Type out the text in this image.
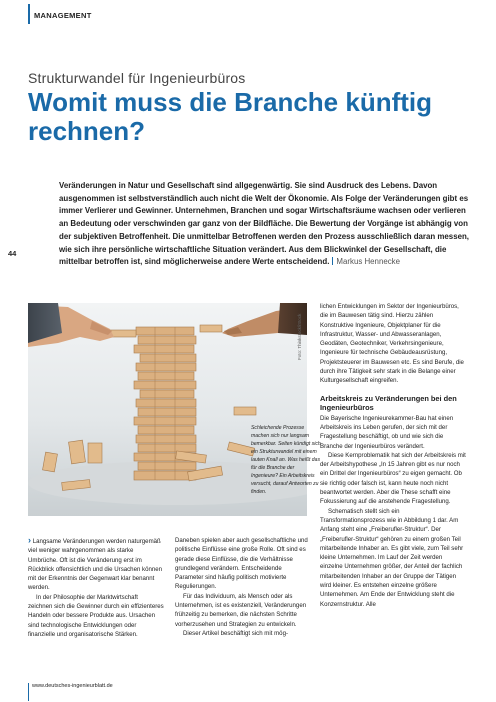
MANAGEMENT
Strukturwandel für Ingenieurbüros
Womit muss die Branche künftig rechnen?

Veränderungen in Natur und Gesellschaft sind allgegenwärtig. Sie sind Ausdruck des Lebens. Davon ausgenommen ist selbstverständlich auch nicht die Welt der Ökonomie. Als Folge der Veränderungen gibt es immer Verlierer und Gewinner. Unternehmen, Branchen und sogar Wirtschaftsräume wachsen oder verlieren an Bedeutung oder verschwinden gar ganz von der Bildfläche. Die Bewertung der Vorgänge ist abhängig von der subjektiven Betroffenheit. Die unmittelbar Betroffenen werden den Prozess ausschließlich daran messen, wie sich ihre persönliche wirtschaftliche Situation verändert. Aus dem Blickwinkel der Gesellschaft, die mittelbar betroffen ist, sind möglicherweise andere Werte entscheidend. Markus Hennecke

44
Foto: Thinkstock/iStock

Schleichende Prozesse machen sich nur langsam bemerkbar. Selten kündigt sich ein Strukturwandel mit einem lauten Knall an. Was heißt das für die Branche der Ingenieure? Ein Arbeitskreis versucht, darauf Antworten zu finden.

› Langsame Veränderungen werden naturgemäß viel weniger wahrgenommen als starke Umbrüche. Oft ist die Veränderung erst im Rückblick offensichtlich und die Ursachen können mit der Erkenntnis der Gegenwart klar benannt werden.

In der Philosophie der Marktwirtschaft zeichnen sich die Gewinner durch ein effizienteres Handeln oder bessere Produkte aus. Ursachen sind technologische Entwicklungen oder finanzielle und organisatorische Stärken.

Daneben spielen aber auch gesellschaftliche und politische Einflüsse eine große Rolle. Oft sind es gerade diese Einflüsse, die die Verhältnisse grundlegend verändern. Entscheidende Parameter sind häufig politisch motivierte Regulierungen.

Für das Individuum, als Mensch oder als Unternehmen, ist es existenziell, Veränderungen frühzeitig zu bemerken, die nächsten Schritte vorherzusehen und Strategien zu entwickeln.

Dieser Artikel beschäftigt sich mit mög-

lichen Entwicklungen im Sektor der Ingenieurbüros, die im Bauwesen tätig sind. Hierzu zählen Konstruktive Ingenieure, Objektplaner für die Infrastruktur, Wasser- und Abwasseranlagen, Geodäten, Geotechniker, Verkehrsingenieure, Ingenieure für technische Gebäudeausrüstung, Projektsteuerer im Bauwesen etc. Es sind Berufe, die durch ihre Tätigkeit sehr stark in die Belange einer Kulturgesellschaft eingreifen.

Arbeitskreis zu Veränderungen bei den Ingenieurbüros

Die Bayerische Ingenieurekammer-Bau hat einen Arbeitskreis ins Leben gerufen, der sich mit der Fragestellung beschäftigt, ob und wie sich die Branche der Ingenieurbüros verändert.

Diese Kernproblematik hat sich der Arbeitskreis mit der Arbeitshypothese „In 15 Jahren gibt es nur noch ein Drittel der Ingenieurbüros“ zu eigen gemacht. Ob sie richtig oder falsch ist, kann heute noch nicht beantwortet werden. Aber die These schafft eine Fokussierung auf die anstehende Fragestellung.

Schematisch stellt sich ein Transformationsprozess wie in Abbildung 1 dar. Am Anfang steht eine „Freiberufler-Struktur“. Der „Freiberufler-Struktur“ gehören zu einem großen Teil mitarbeitende Inhaber an. Es gibt viele, zum Teil sehr kleine Unternehmen. Im Lauf der Zeit werden einzelne Unternehmen größer, der Anteil der fachlich mitarbeitenden Inhaber an der Gruppe der Tätigen wird kleiner. Es entstehen einzelne größere Unternehmen. Am Ende der Entwicklung steht die Konzernstruktur. Alle

www.deutsches-ingenieurblatt.de
